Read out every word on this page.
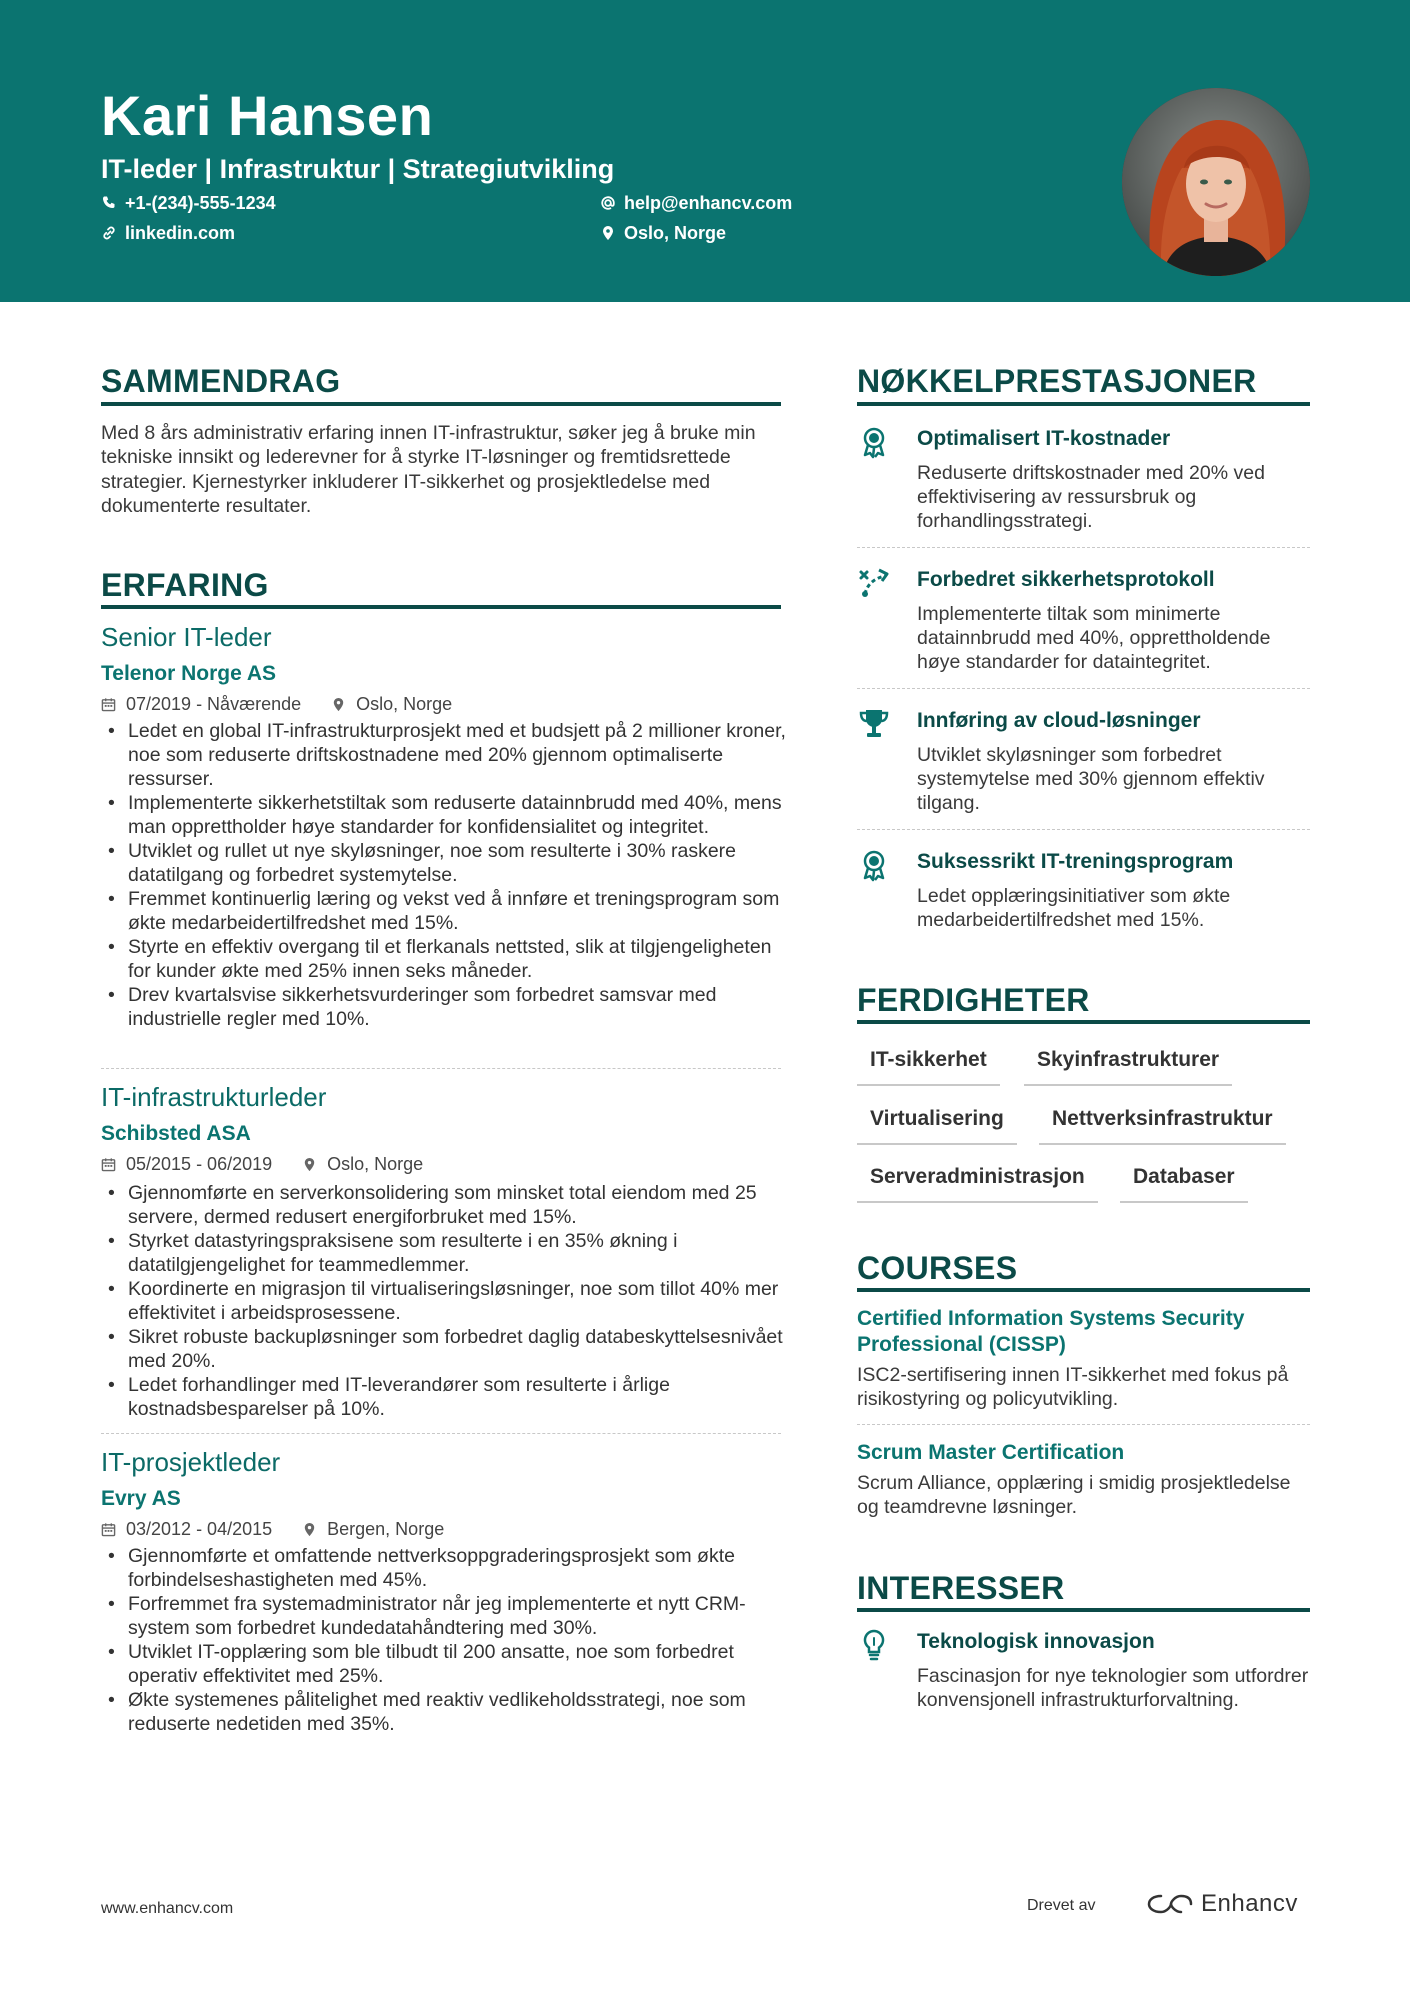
Kari Hansen
IT-leder | Infrastruktur | Strategiutvikling
+1-(234)-555-1234	help@enhancv.com
linkedin.com	Oslo, Norge
SAMMENDRAG
Med 8 års administrativ erfaring innen IT-infrastruktur, søker jeg å bruke min tekniske innsikt og lederevner for å styrke IT-løsninger og fremtidsrettede strategier. Kjernestyrker inkluderer IT-sikkerhet og prosjektledelse med dokumenterte resultater.
ERFARING
Senior IT-leder
Telenor Norge AS
07/2019 - Nåværende	Oslo, Norge
• Ledet en global IT-infrastrukturprosjekt med et budsjett på 2 millioner kroner, noe som reduserte driftskostnadene med 20% gjennom optimaliserte ressurser.
• Implementerte sikkerhetstiltak som reduserte datainnbrudd med 40%, mens man opprettholder høye standarder for konfidensialitet og integritet.
• Utviklet og rullet ut nye skyløsninger, noe som resulterte i 30% raskere datatilgang og forbedret systemytelse.
• Fremmet kontinuerlig læring og vekst ved å innføre et treningsprogram som økte medarbeidertilfredshet med 15%.
• Styrte en effektiv overgang til et flerkanals nettsted, slik at tilgjengeligheten for kunder økte med 25% innen seks måneder.
• Drev kvartalsvise sikkerhetsvurderinger som forbedret samsvar med industrielle regler med 10%.
IT-infrastrukturleder
Schibsted ASA
05/2015 - 06/2019	Oslo, Norge
• Gjennomførte en serverkonsolidering som minsket total eiendom med 25 servere, dermed redusert energiforbruket med 15%.
• Styrket datastyringspraksisene som resulterte i en 35% økning i datatilgjengelighet for teammedlemmer.
• Koordinerte en migrasjon til virtualiseringsløsninger, noe som tillot 40% mer effektivitet i arbeidsprosessene.
• Sikret robuste backupløsninger som forbedret daglig databeskyttelsesnivået med 20%.
• Ledet forhandlinger med IT-leverandører som resulterte i årlige kostnadsbesparelser på 10%.
IT-prosjektleder
Evry AS
03/2012 - 04/2015	Bergen, Norge
• Gjennomførte et omfattende nettverksoppgraderingsprosjekt som økte forbindelseshastigheten med 45%.
• Forfremmet fra systemadministrator når jeg implementerte et nytt CRM-system som forbedret kundedatahåndtering med 30%.
• Utviklet IT-opplæring som ble tilbudt til 200 ansatte, noe som forbedret operativ effektivitet med 25%.
• Økte systemenes pålitelighet med reaktiv vedlikeholdsstrategi, noe som reduserte nedetiden med 35%.
NØKKELPRESTASJONER
Optimalisert IT-kostnader
Reduserte driftskostnader med 20% ved effektivisering av ressursbruk og forhandlingsstrategi.
Forbedret sikkerhetsprotokoll
Implementerte tiltak som minimerte datainnbrudd med 40%, opprettholdende høye standarder for dataintegritet.
Innføring av cloud-løsninger
Utviklet skyløsninger som forbedret systemytelse med 30% gjennom effektiv tilgang.
Suksessrikt IT-treningsprogram
Ledet opplæringsinitiativer som økte medarbeidertilfredshet med 15%.
FERDIGHETER
IT-sikkerhet	Skyinfrastrukturer
Virtualisering	Nettverksinfrastruktur
Serveradministrasjon	Databaser
COURSES
Certified Information Systems Security Professional (CISSP)
ISC2-sertifisering innen IT-sikkerhet med fokus på risikostyring og policyutvikling.
Scrum Master Certification
Scrum Alliance, opplæring i smidig prosjektledelse og teamdrevne løsninger.
INTERESSER
Teknologisk innovasjon
Fascinasjon for nye teknologier som utfordrer konvensjonell infrastrukturforvaltning.
www.enhancv.com	Drevet av	Enhancv
